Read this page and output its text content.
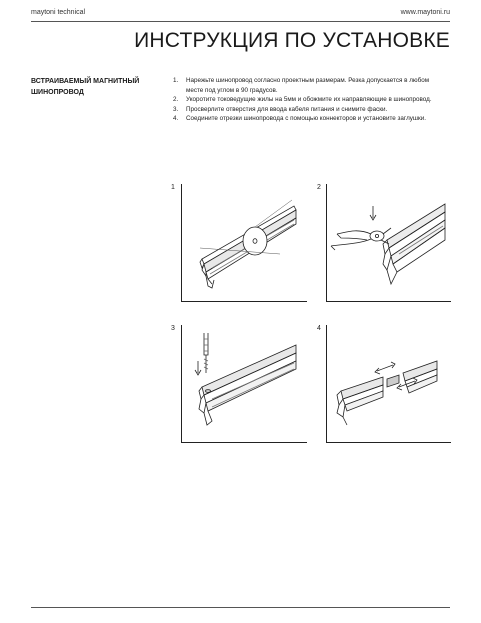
maytoni technical	www.maytoni.ru
ИНСТРУКЦИЯ ПО УСТАНОВКЕ
ВСТРАИВАЕМЫЙ МАГНИТНЫЙ ШИНОПРОВОД
1. Нарежьте шинопровод согласно проектным размерам. Резка допускается в любом месте под углом в 90 градусов.
2. Укоротите токоведущие жилы на 5мм и обожмите их направляющие в шинопровод.
3. Просверлите отверстия для ввода кабеля питания и снимите фаски.
4. Соедините отрезки шинопровода с помощью коннекторов и установите заглушки.
1	2
3	4
